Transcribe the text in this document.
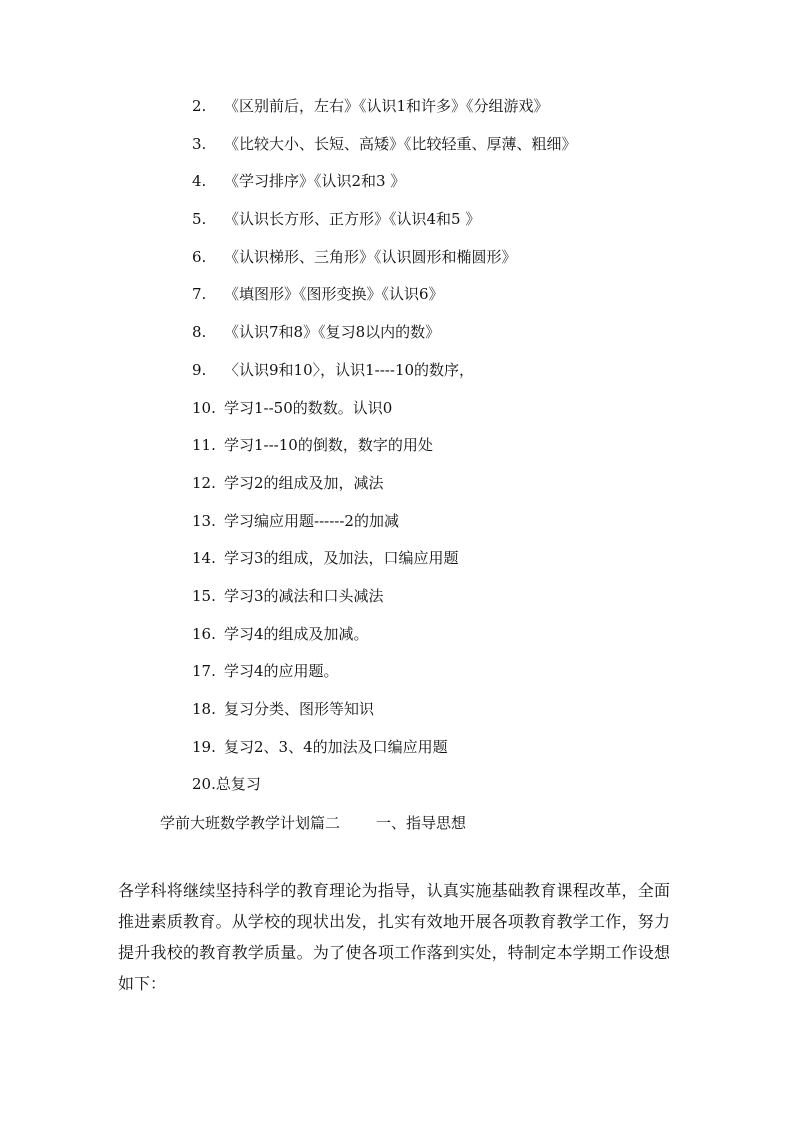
2. 《区别前后，左右》《认识1和许多》《分组游戏》
3. 《比较大小、长短、高矮》《比较轻重、厚薄、粗细》
4. 《学习排序》《认识2和3 》
5. 《认识长方形、正方形》《认识4和5 》
6. 《认识梯形、三角形》《认识圆形和椭圆形》
7. 《填图形》《图形变换》《认识6》
8. 《认识7和8》《复习8以内的数》
9. 〈认识9和10〉，认识1----10的数序，
10. 学习1--50的数数。认识0
11. 学习1---10的倒数，数字的用处
12. 学习2的组成及加，减法
13. 学习编应用题------2的加减
14. 学习3的组成，及加法，口编应用题
15. 学习3的减法和口头减法
16. 学习4的组成及加减。
17. 学习4的应用题。
18. 复习分类、图形等知识
19. 复习2、3、4的加法及口编应用题
20.总复习
学前大班数学教学计划篇二 一、指导思想
各学科将继续坚持科学的教育理论为指导，认真实施基础教育课程改革，全面推进素质教育。从学校的现状出发，扎实有效地开展各项教育教学工作，努力提升我校的教育教学质量。为了使各项工作落到实处，特制定本学期工作设想如下：
